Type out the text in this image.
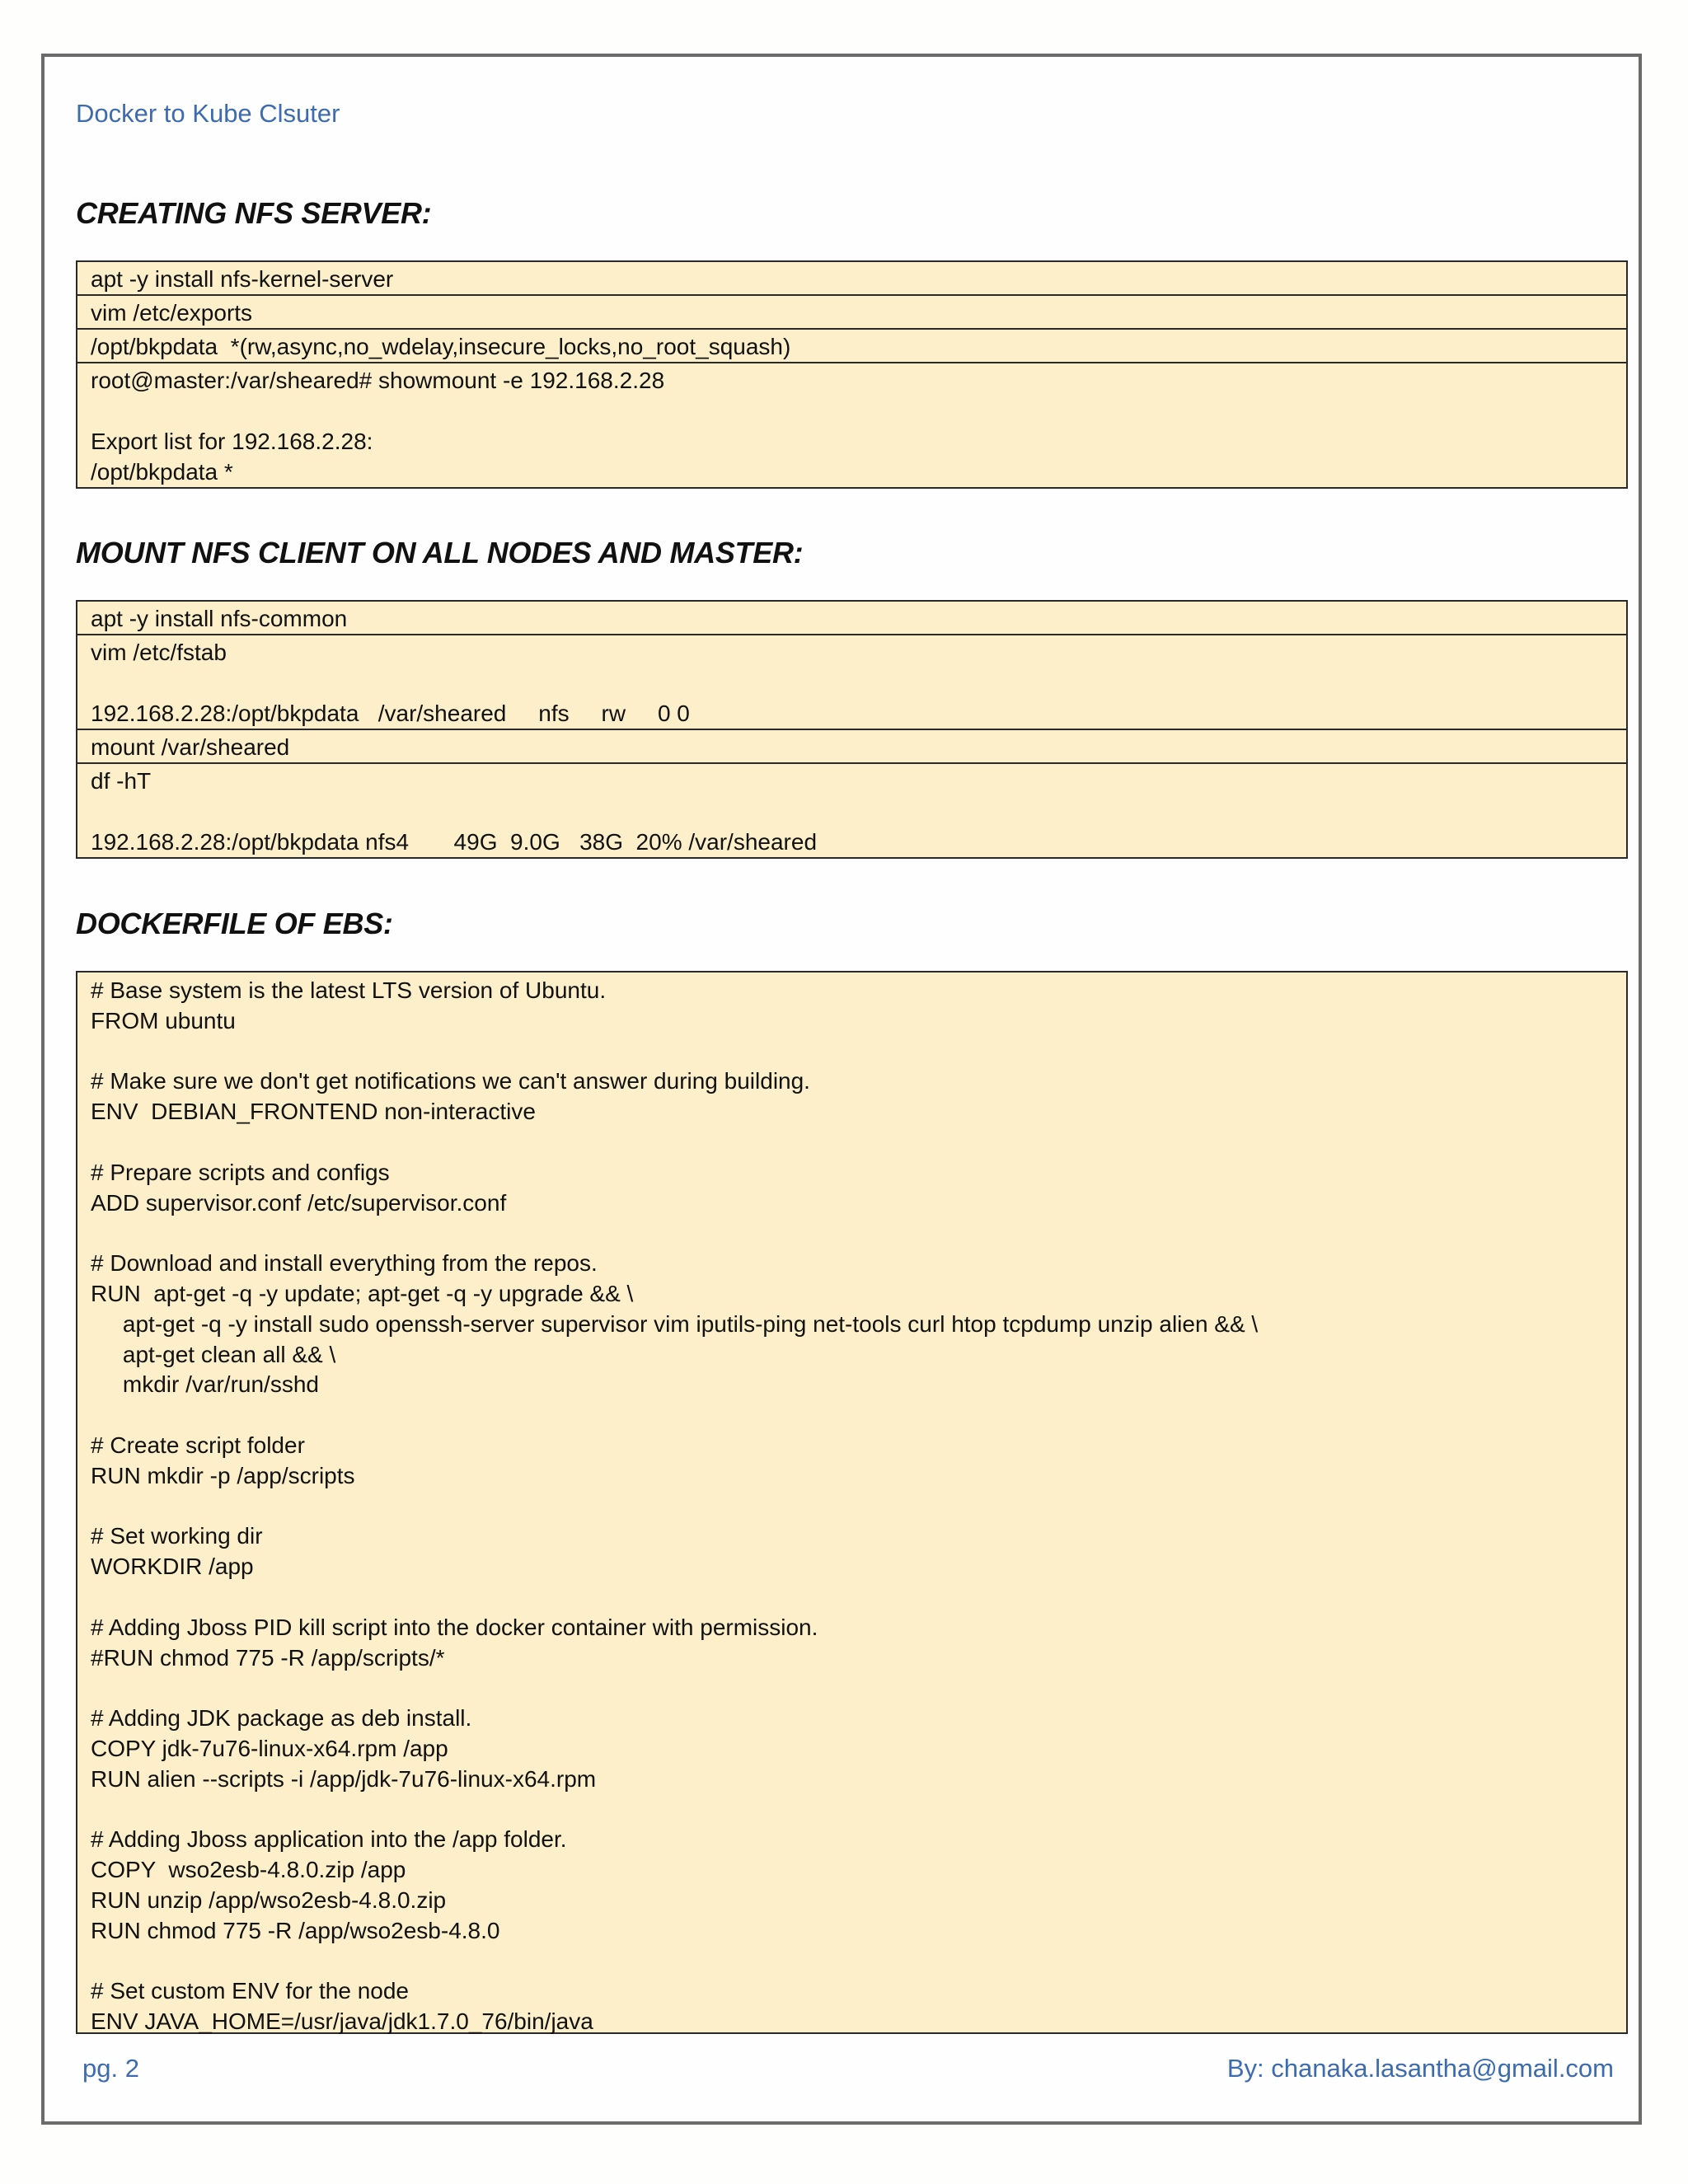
Docker to Kube Clsuter
CREATING NFS SERVER:
apt -y install nfs-kernel-server
vim /etc/exports
/opt/bkpdata  *(rw,async,no_wdelay,insecure_locks,no_root_squash)
root@master:/var/sheared# showmount -e 192.168.2.28

Export list for 192.168.2.28:
/opt/bkpdata *
MOUNT NFS CLIENT ON ALL NODES AND MASTER:
apt -y install nfs-common
vim /etc/fstab

192.168.2.28:/opt/bkpdata   /var/sheared     nfs     rw     0 0
mount /var/sheared
df -hT

192.168.2.28:/opt/bkpdata nfs4       49G  9.0G   38G  20% /var/sheared
DOCKERFILE OF EBS:
# Base system is the latest LTS version of Ubuntu.
FROM ubuntu

# Make sure we don't get notifications we can't answer during building.
ENV  DEBIAN_FRONTEND non-interactive

# Prepare scripts and configs
ADD supervisor.conf /etc/supervisor.conf

# Download and install everything from the repos.
RUN  apt-get -q -y update; apt-get -q -y upgrade && \
apt-get -q -y install sudo openssh-server supervisor vim iputils-ping net-tools curl htop tcpdump unzip alien && \
apt-get clean all && \
mkdir /var/run/sshd

# Create script folder
RUN mkdir -p /app/scripts

# Set working dir
WORKDIR /app

# Adding Jboss PID kill script into the docker container with permission.
#RUN chmod 775 -R /app/scripts/*

# Adding JDK package as deb install.
COPY jdk-7u76-linux-x64.rpm /app
RUN alien --scripts -i /app/jdk-7u76-linux-x64.rpm

# Adding Jboss application into the /app folder.
COPY  wso2esb-4.8.0.zip /app
RUN unzip /app/wso2esb-4.8.0.zip
RUN chmod 775 -R /app/wso2esb-4.8.0

# Set custom ENV for the node
ENV JAVA_HOME=/usr/java/jdk1.7.0_76/bin/java
pg. 2	By: chanaka.lasantha@gmail.com
